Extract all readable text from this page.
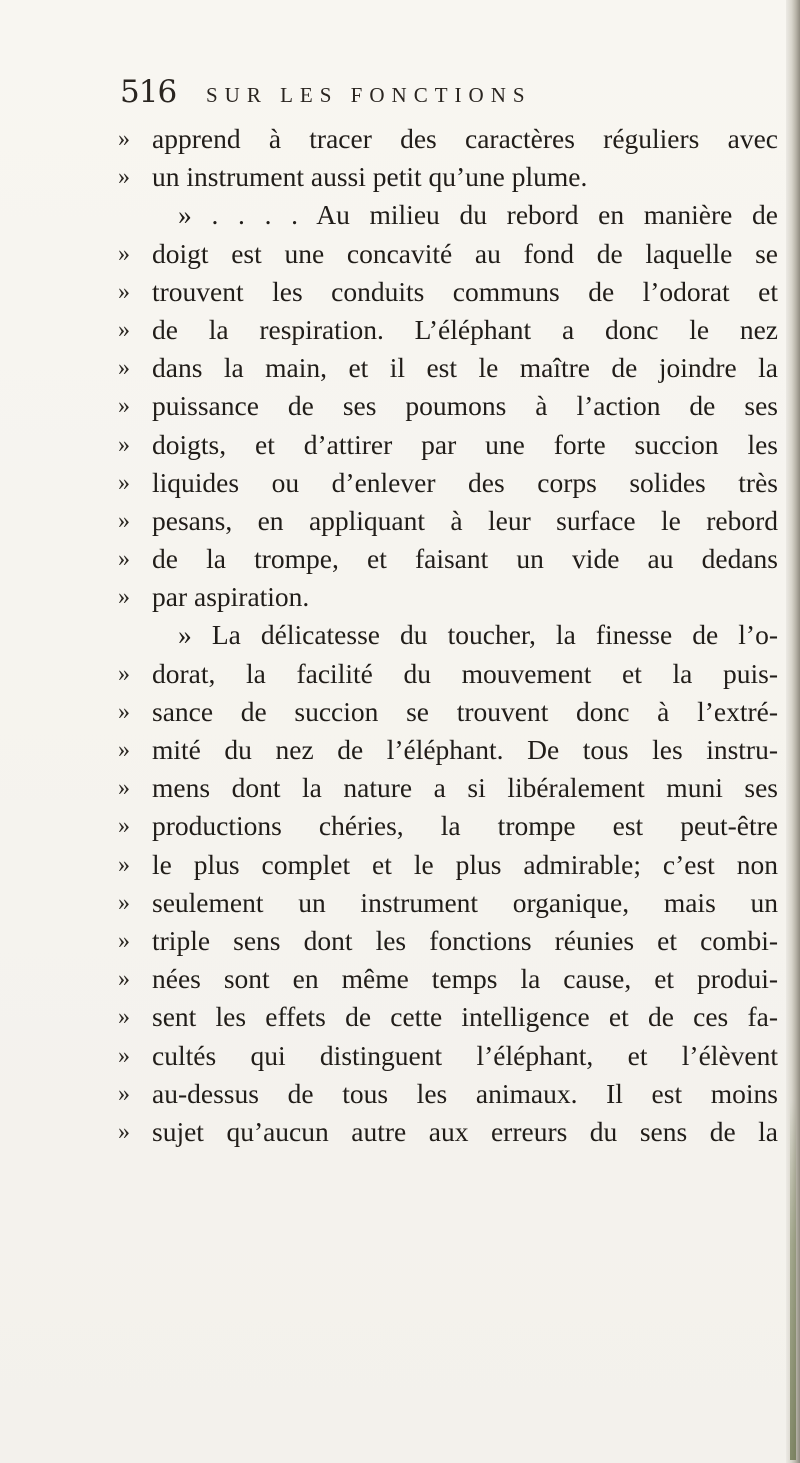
516 SUR LES FONCTIONS
» apprend à tracer des caractères réguliers avec
» un instrument aussi petit qu’une plume.
» . . . . Au milieu du rebord en manière de
» doigt est une concavité au fond de laquelle se
» trouvent les conduits communs de l’odorat et
» de la respiration. L’éléphant a donc le nez
» dans la main, et il est le maître de joindre la
» puissance de ses poumons à l’action de ses
» doigts, et d’attirer par une forte succion les
» liquides ou d’enlever des corps solides très
» pesans, en appliquant à leur surface le rebord
» de la trompe, et faisant un vide au dedans
» par aspiration.
» La délicatesse du toucher, la finesse de l’o-
» dorat, la facilité du mouvement et la puis-
» sance de succion se trouvent donc à l’extré-
» mité du nez de l’éléphant. De tous les instru-
» mens dont la nature a si libéralement muni ses
» productions chéries, la trompe est peut-être
» le plus complet et le plus admirable; c’est non
» seulement un instrument organique, mais un
» triple sens dont les fonctions réunies et combi-
» nées sont en même temps la cause, et produi-
» sent les effets de cette intelligence et de ces fa-
» cultés qui distinguent l’éléphant, et l’élèvent
» au-dessus de tous les animaux. Il est moins
» sujet qu’aucun autre aux erreurs du sens de la
